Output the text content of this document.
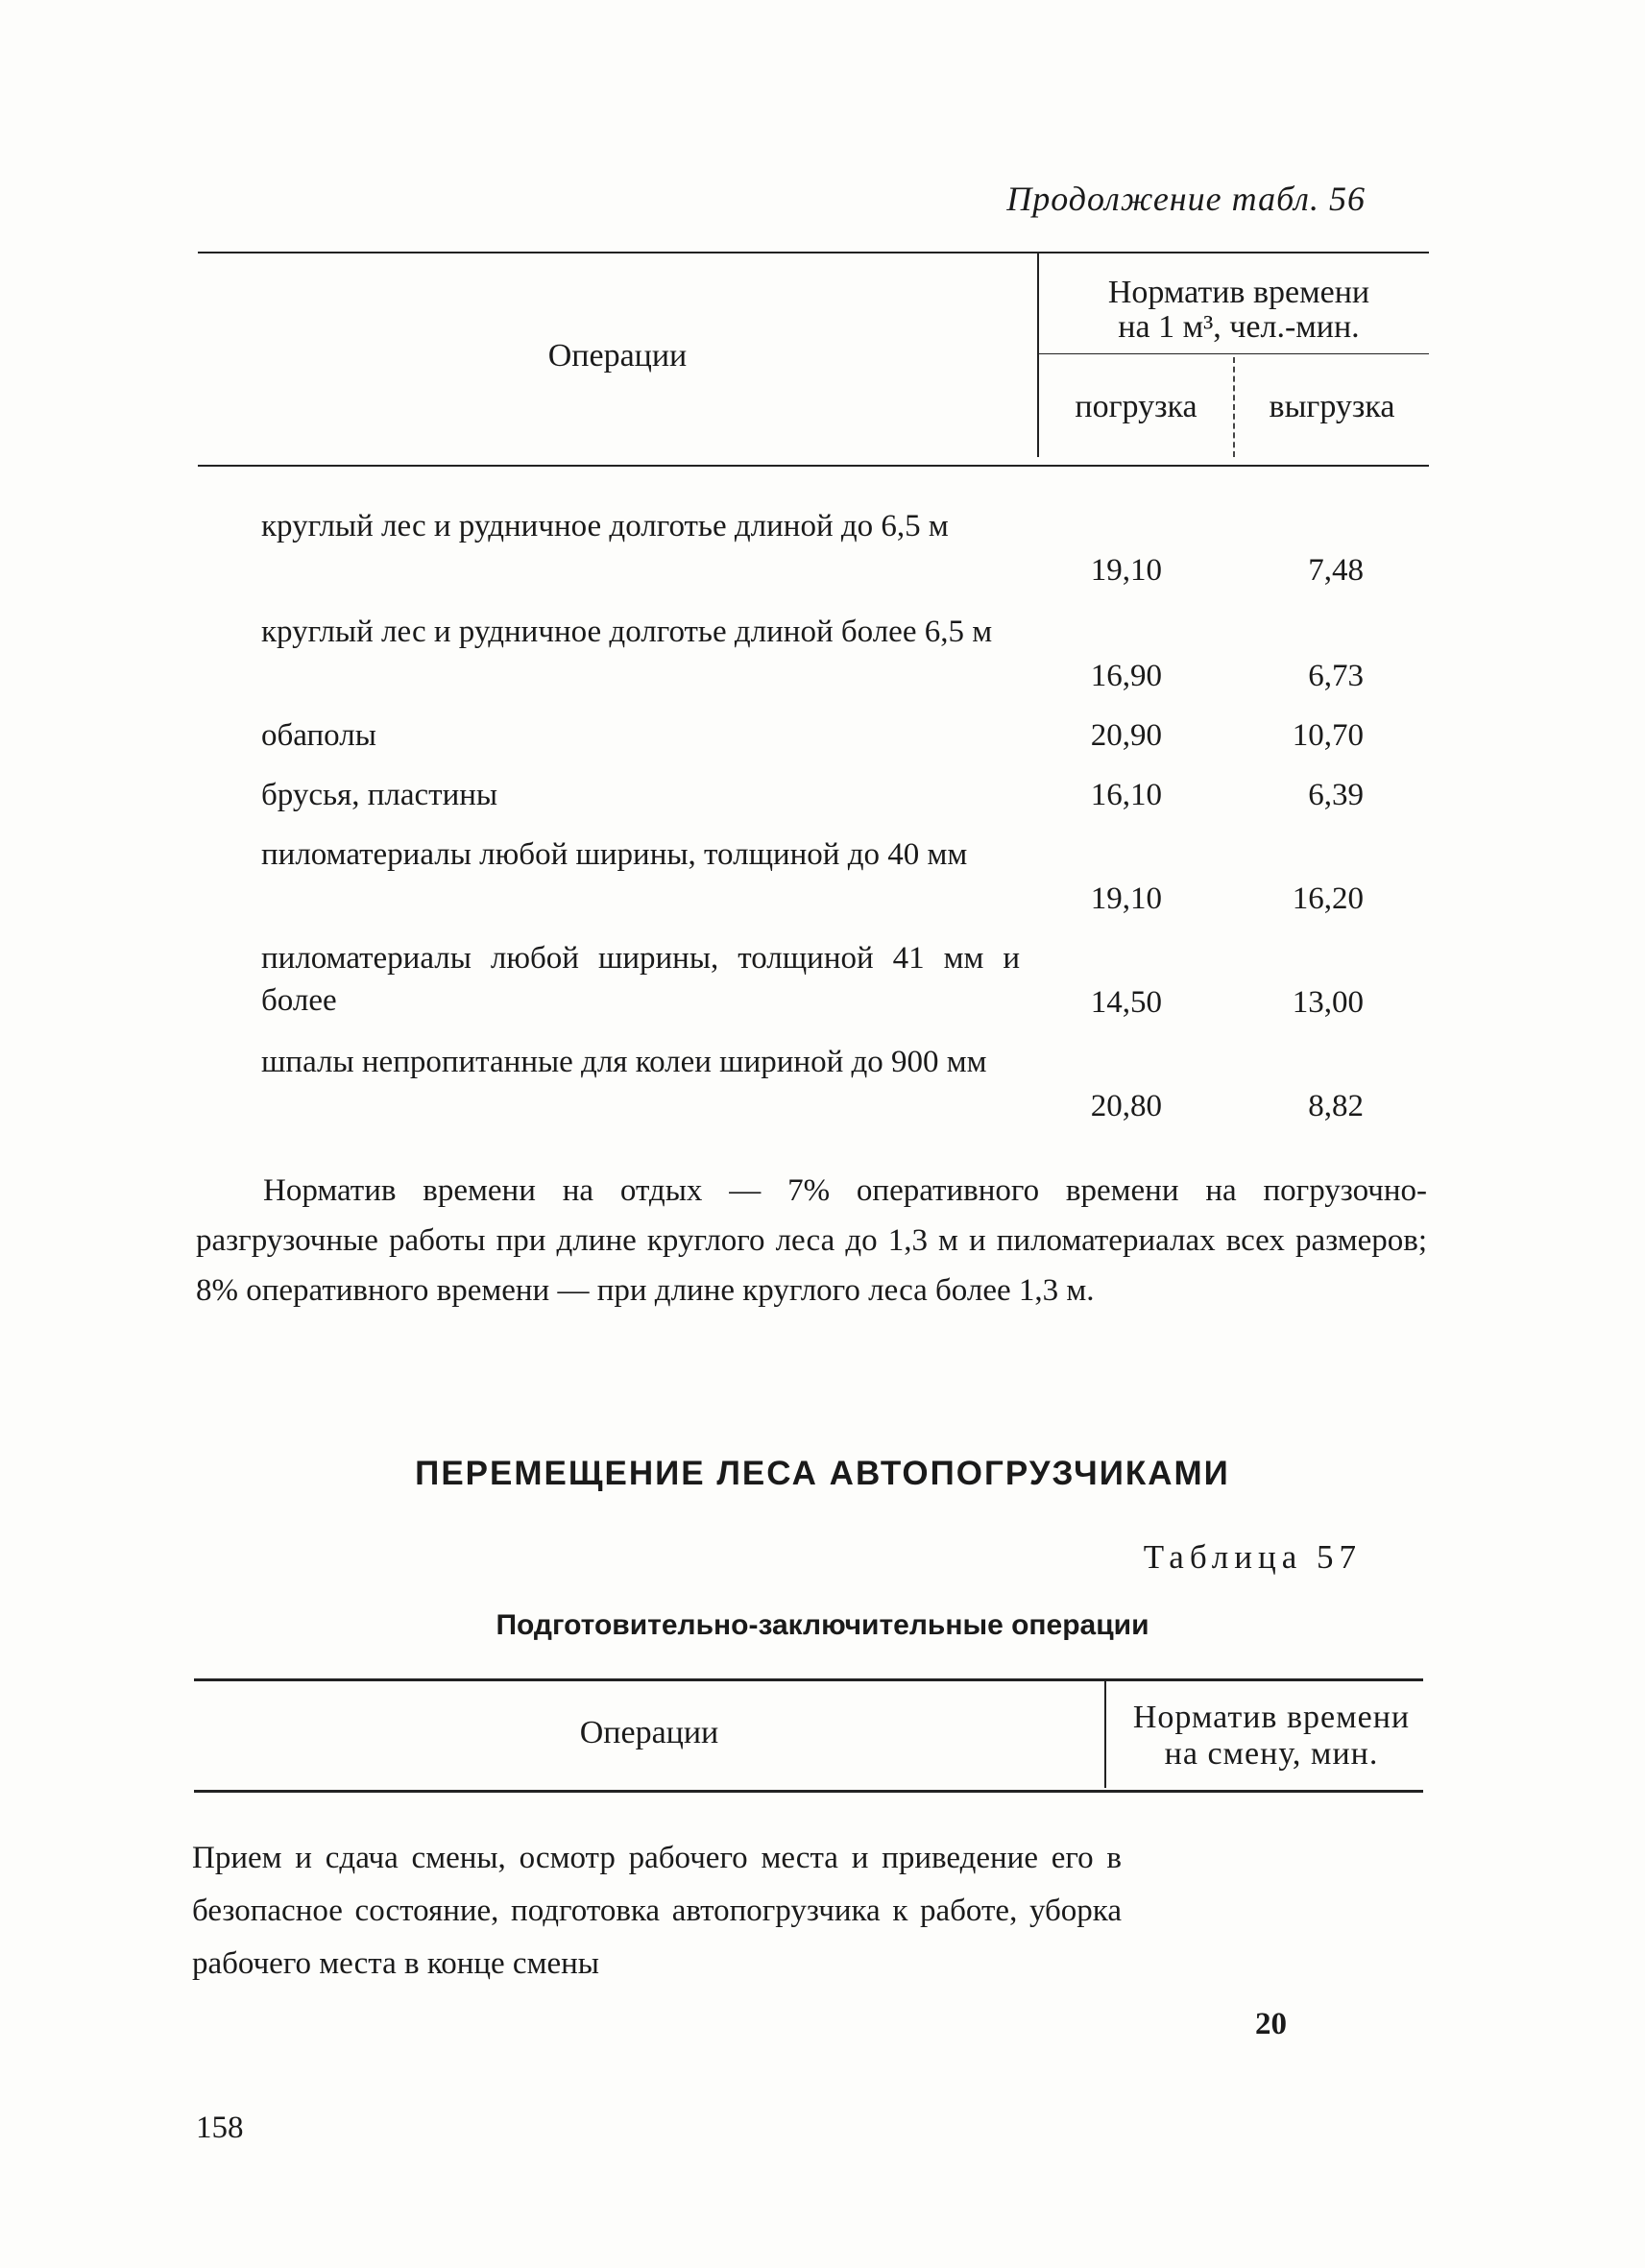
Продолжение табл. 56
Операции
Норматив времени
на 1 м³, чел.-мин.
погрузка	выгрузка
круглый лес и рудничное долготье длиной до 6,5 м
19,10	7,48
круглый лес и рудничное долготье длиной более 6,5 м
16,90	6,73
обаполы	20,90	10,70
брусья, пластины	16,10	6,39
пиломатериалы любой ширины, толщиной до 40 мм
19,10	16,20
пиломатериалы любой ширины, толщиной 41 мм и более	14,50	13,00
шпалы непропитанные для колеи шириной до 900 мм
20,80	8,82
Норматив времени на отдых — 7% оперативного времени на погрузочно-разгрузочные работы при длине круглого леса до 1,3 м и пиломатериалах всех размеров; 8% оперативного времени — при длине круглого леса более 1,3 м.
ПЕРЕМЕЩЕНИЕ ЛЕСА АВТОПОГРУЗЧИКАМИ
Таблица 57
Подготовительно-заключительные операции
Операции	Норматив времени
на смену, мин.
Прием и сдача смены, осмотр рабочего места и приведение его в безопасное состояние, подготовка автопогрузчика к работе, уборка рабочего места в конце смены
20
158
